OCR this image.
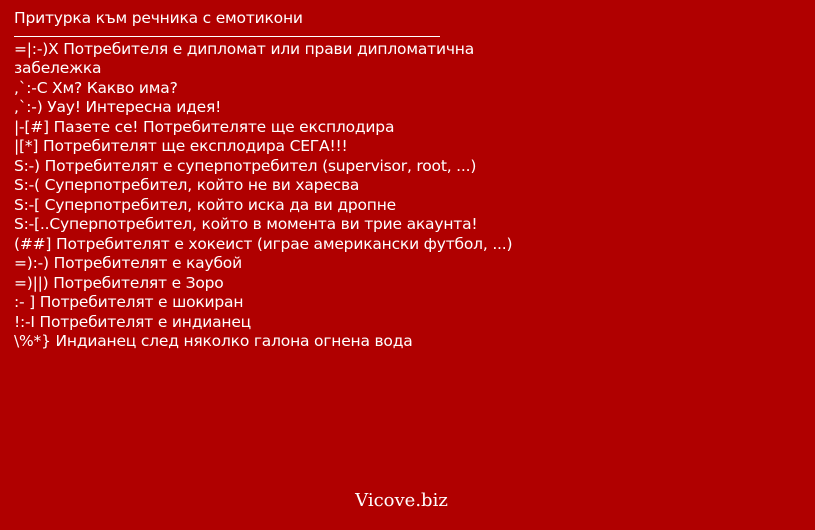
Притурка към речника с емотикони
=|:-)X Потребителя е дипломат или прави дипломатична забележка
,`:-C Хм? Какво има?
,`:-) Уау! Интересна идея!
|-[#] Пазете се! Потребителяте ще експлодира
|[*] Потребителят ще експлодира СЕГА!!!
S:-) Потребителят е суперпотребител (supervisor, root, ...)
S:-( Суперпотребител, който не ви харесва
S:-[ Суперпотребител, който иска да ви дропне
S:-[..Суперпотребител, който в момента ви трие акаунта!
(##] Потребителят е хокеист (играе американски футбол, ...)
=):-) Потребителят е каубой
=)||) Потребителят е Зоро
:- ] Потребителят е шокиран
!:-I Потребителят е индианец
\%*} Индианец след няколко галона огнена вода
Vicove.biz
